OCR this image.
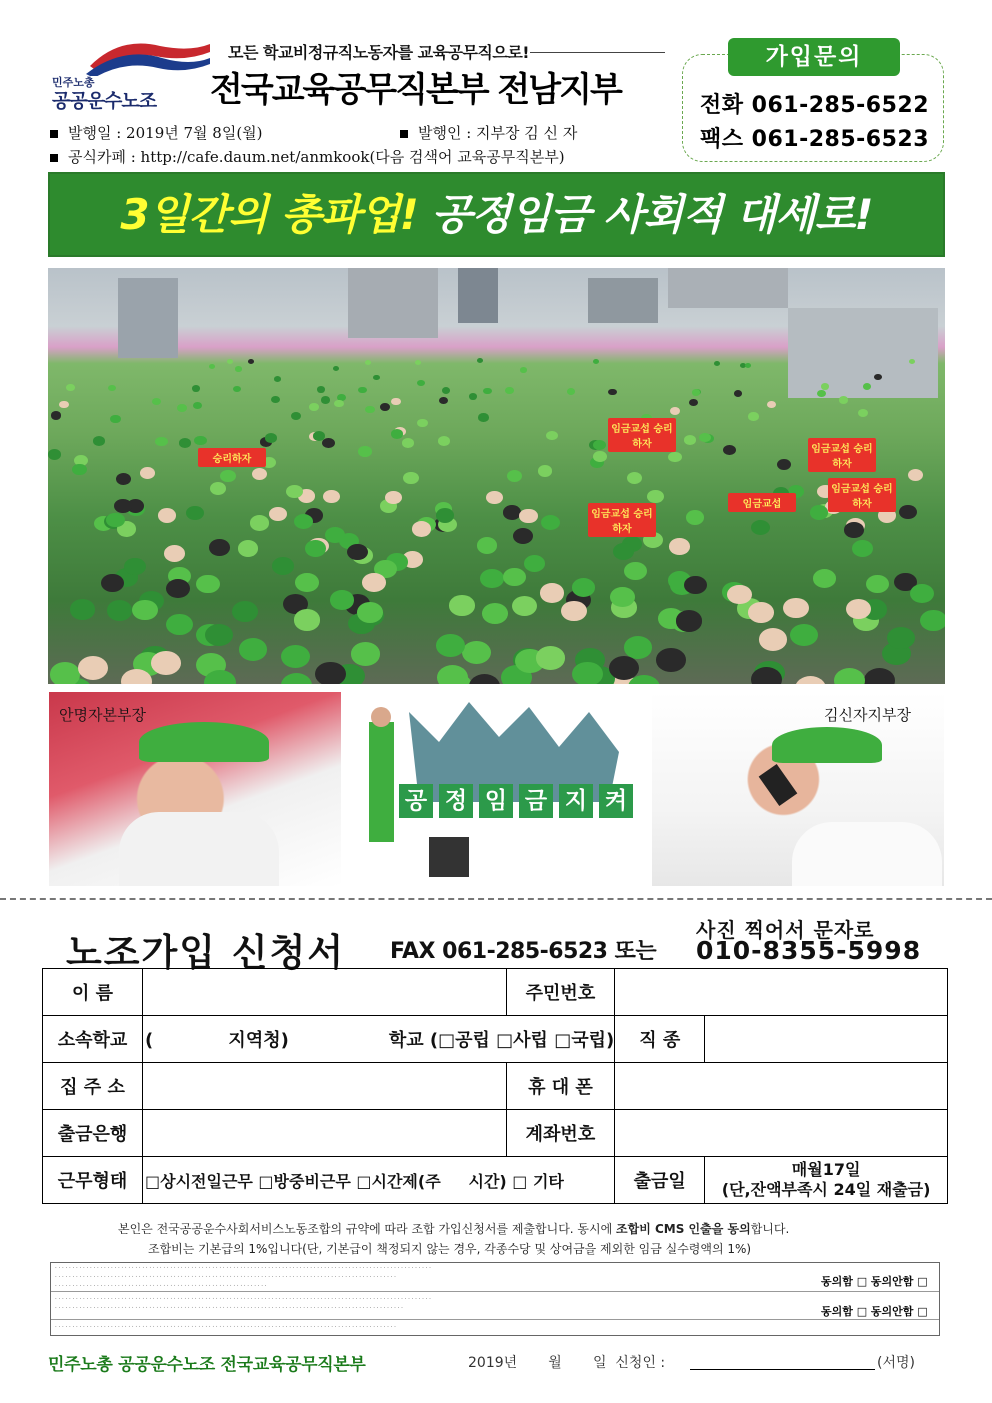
민주노총
공공운수노조
모든 학교비정규직노동자를 교육공무직으로!
전국교육공무직본부 전남지부
발행일 : 2019년 7월 8일(월)	발행인 : 지부장 김 신 자
공식카페 : http://cafe.daum.net/anmkook(다음 검색어 교육공무직본부)
가입문의
전화 061-285-6522
팩스 061-285-6523
3일간의 총파업! 공정임금 사회적 대세로!
임금교섭 승리하자	임금교섭 승리하자
임금교섭 승리하자
임금교섭 승리하자
승리하자
임금교섭
안명자본부장
공 정 임 금 지 켜
김신자지부장
노조가입 신청서 FAX 061-285-6523 또는
사진 찍어서 문자로
010-8355-5998
이 름		주민번호		
소속학교	(            지역청) 학교 (□공립 □사립 □국립)		직 종	
집 주 소		휴 대 폰		
출금은행		계좌번호		
근무형태	□상시전일근무 □방중비근무 □시간제(주     시간) □ 기타		출금일	매월17일
(단,잔액부족시 24일 재출금)
본인은 전국공공운수사회서비스노동조합의 규약에 따라 조합 가입신청서를 제출합니다. 동시에 조합비 CMS 인출을 동의합니다.
조합비는 기본급의 1%입니다(단, 기본급이 책정되지 않는 경우, 각종수당 및 상여금을 제외한 임금 실수령액의 1%)
· · · · · · · · · · · · · · · · · · · · · · · · · · · · · · · · · · · · · · · · · · · · · · · · · · · · · · · · · · · · · · · · · · · · · · · · · · · · · · · · · · · · · · · · · · · · · · · · · · · · · · · · · · · ·
· · · · · · · · · · · · · · · · · · · · · · · · · · · · · · · · · · · · · · · · · · · · · · · · · · · · · · · · · · · · · · · · · · · · · · · · · · · · · · · · · · · · · · · · · · · · · · · · · ·
· · · · · · · · · · · · · · · · · · · · · · · · · · · · · · · · · · · · · · · · · · · · · · · · · · · · · · · · · · · · ·	동의함 □ 동의안함 □
· · · · · · · · · · · · · · · · · · · · · · · · · · · · · · · · · · · · · · · · · · · · · · · · · · · · · · · · · · · · · · · · · · · · · · · · · · · · · · · · · · · · · · · · · · · · · · · · · · · · · · · · · · · ·
· · · · · · · · · · · · · · · · · · · · · · · · · · · · · · · · · · · · · · · · · · · · · · · · · · · · · · · · · · · · · · · · · · · · · · · · · · · · · · · · · · · · · · · · · · · · · · · · · · · ·	동의함 □ 동의안함 □
· · · · · · · · · · · · · · · · · · · · · · · · · · · · · · · · · · · · · · · · · · · · · · · · · · · · · · · · · · · · · · · · · · · · · · · · · · · · · · · · · · · · · · · · · · · · · · · · · ·
민주노총 공공운수노조 전국교육공무직본부	2019년       월       일  신청인 :	(서명)
